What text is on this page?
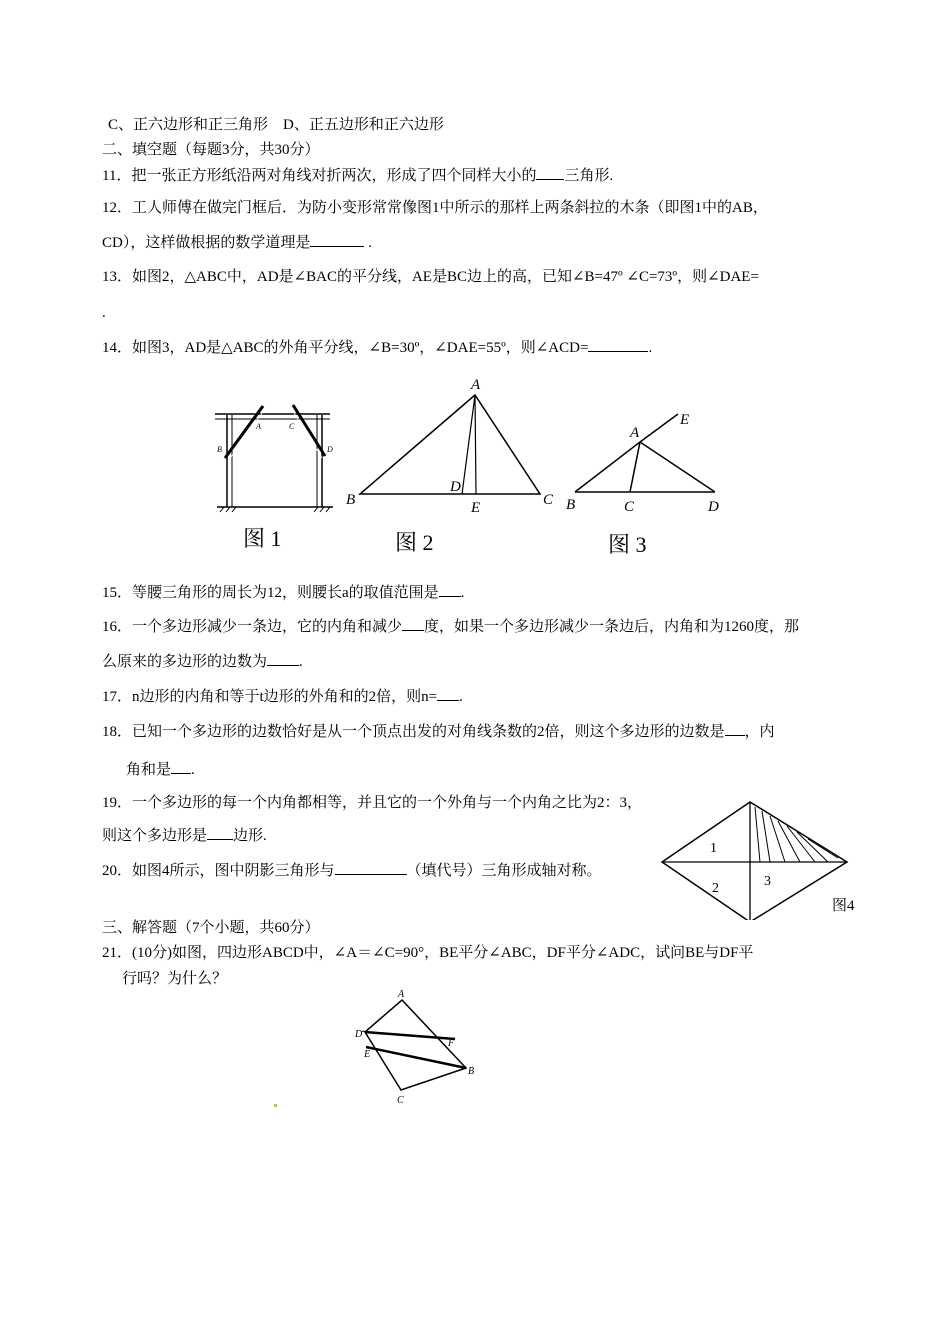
C、正六边形和正三角形　D、正五边形和正六边形
二、填空题（每题3分，共30分）
11．把一张正方形纸沿两对角线对折两次，形成了四个同样大小的 三角形.
12．工人师傅在做完门框后．为防小变形常常像图1中所示的那样上两条斜拉的木条（即图1中的AB，
CD），这样做根据的数学道理是	.
13．如图2，△ABC中，AD是∠BAC的平分线，AE是BC边上的高，已知∠B=47º ∠C=73º，则∠DAE=
.
14．如图3，AD是△ABC的外角平分线，∠B=30º，∠DAE=55º，则∠ACD=	.
A
B
C
D
图 1
A
B	C
D
E
图 2
A
B	C	D
E
图 3
15．等腰三角形的周长为12，则腰长a的取值范围是 .
16．一个多边形减少一条边，它的内角和减少 度，如果一个多边形减少一条边后，内角和为1260度，那
么原来的多边形的边数为 .
17．n边形的内角和等于t边形的外角和的2倍，则n= .
18．已知一个多边形的边数恰好是从一个顶点出发的对角线条数的2倍，则这个多边形的边数是 ，内
角和是 .
19．一个多边形的每一个内角都相等，并且它的一个外角与一个内角之比为2：3，
则这个多边形是 边形.
20．如图4所示，图中阴影三角形与	（填代号）三角形成轴对称。
1
2	3
图4
三、解答题（7个小题，共60分）
21．(10分)如图，四边形ABCD中，∠A＝∠C=90°，BE平分∠ABC，DF平分∠ADC，试问BE与DF平
行吗？为什么？
A
B
C
D
E
F
